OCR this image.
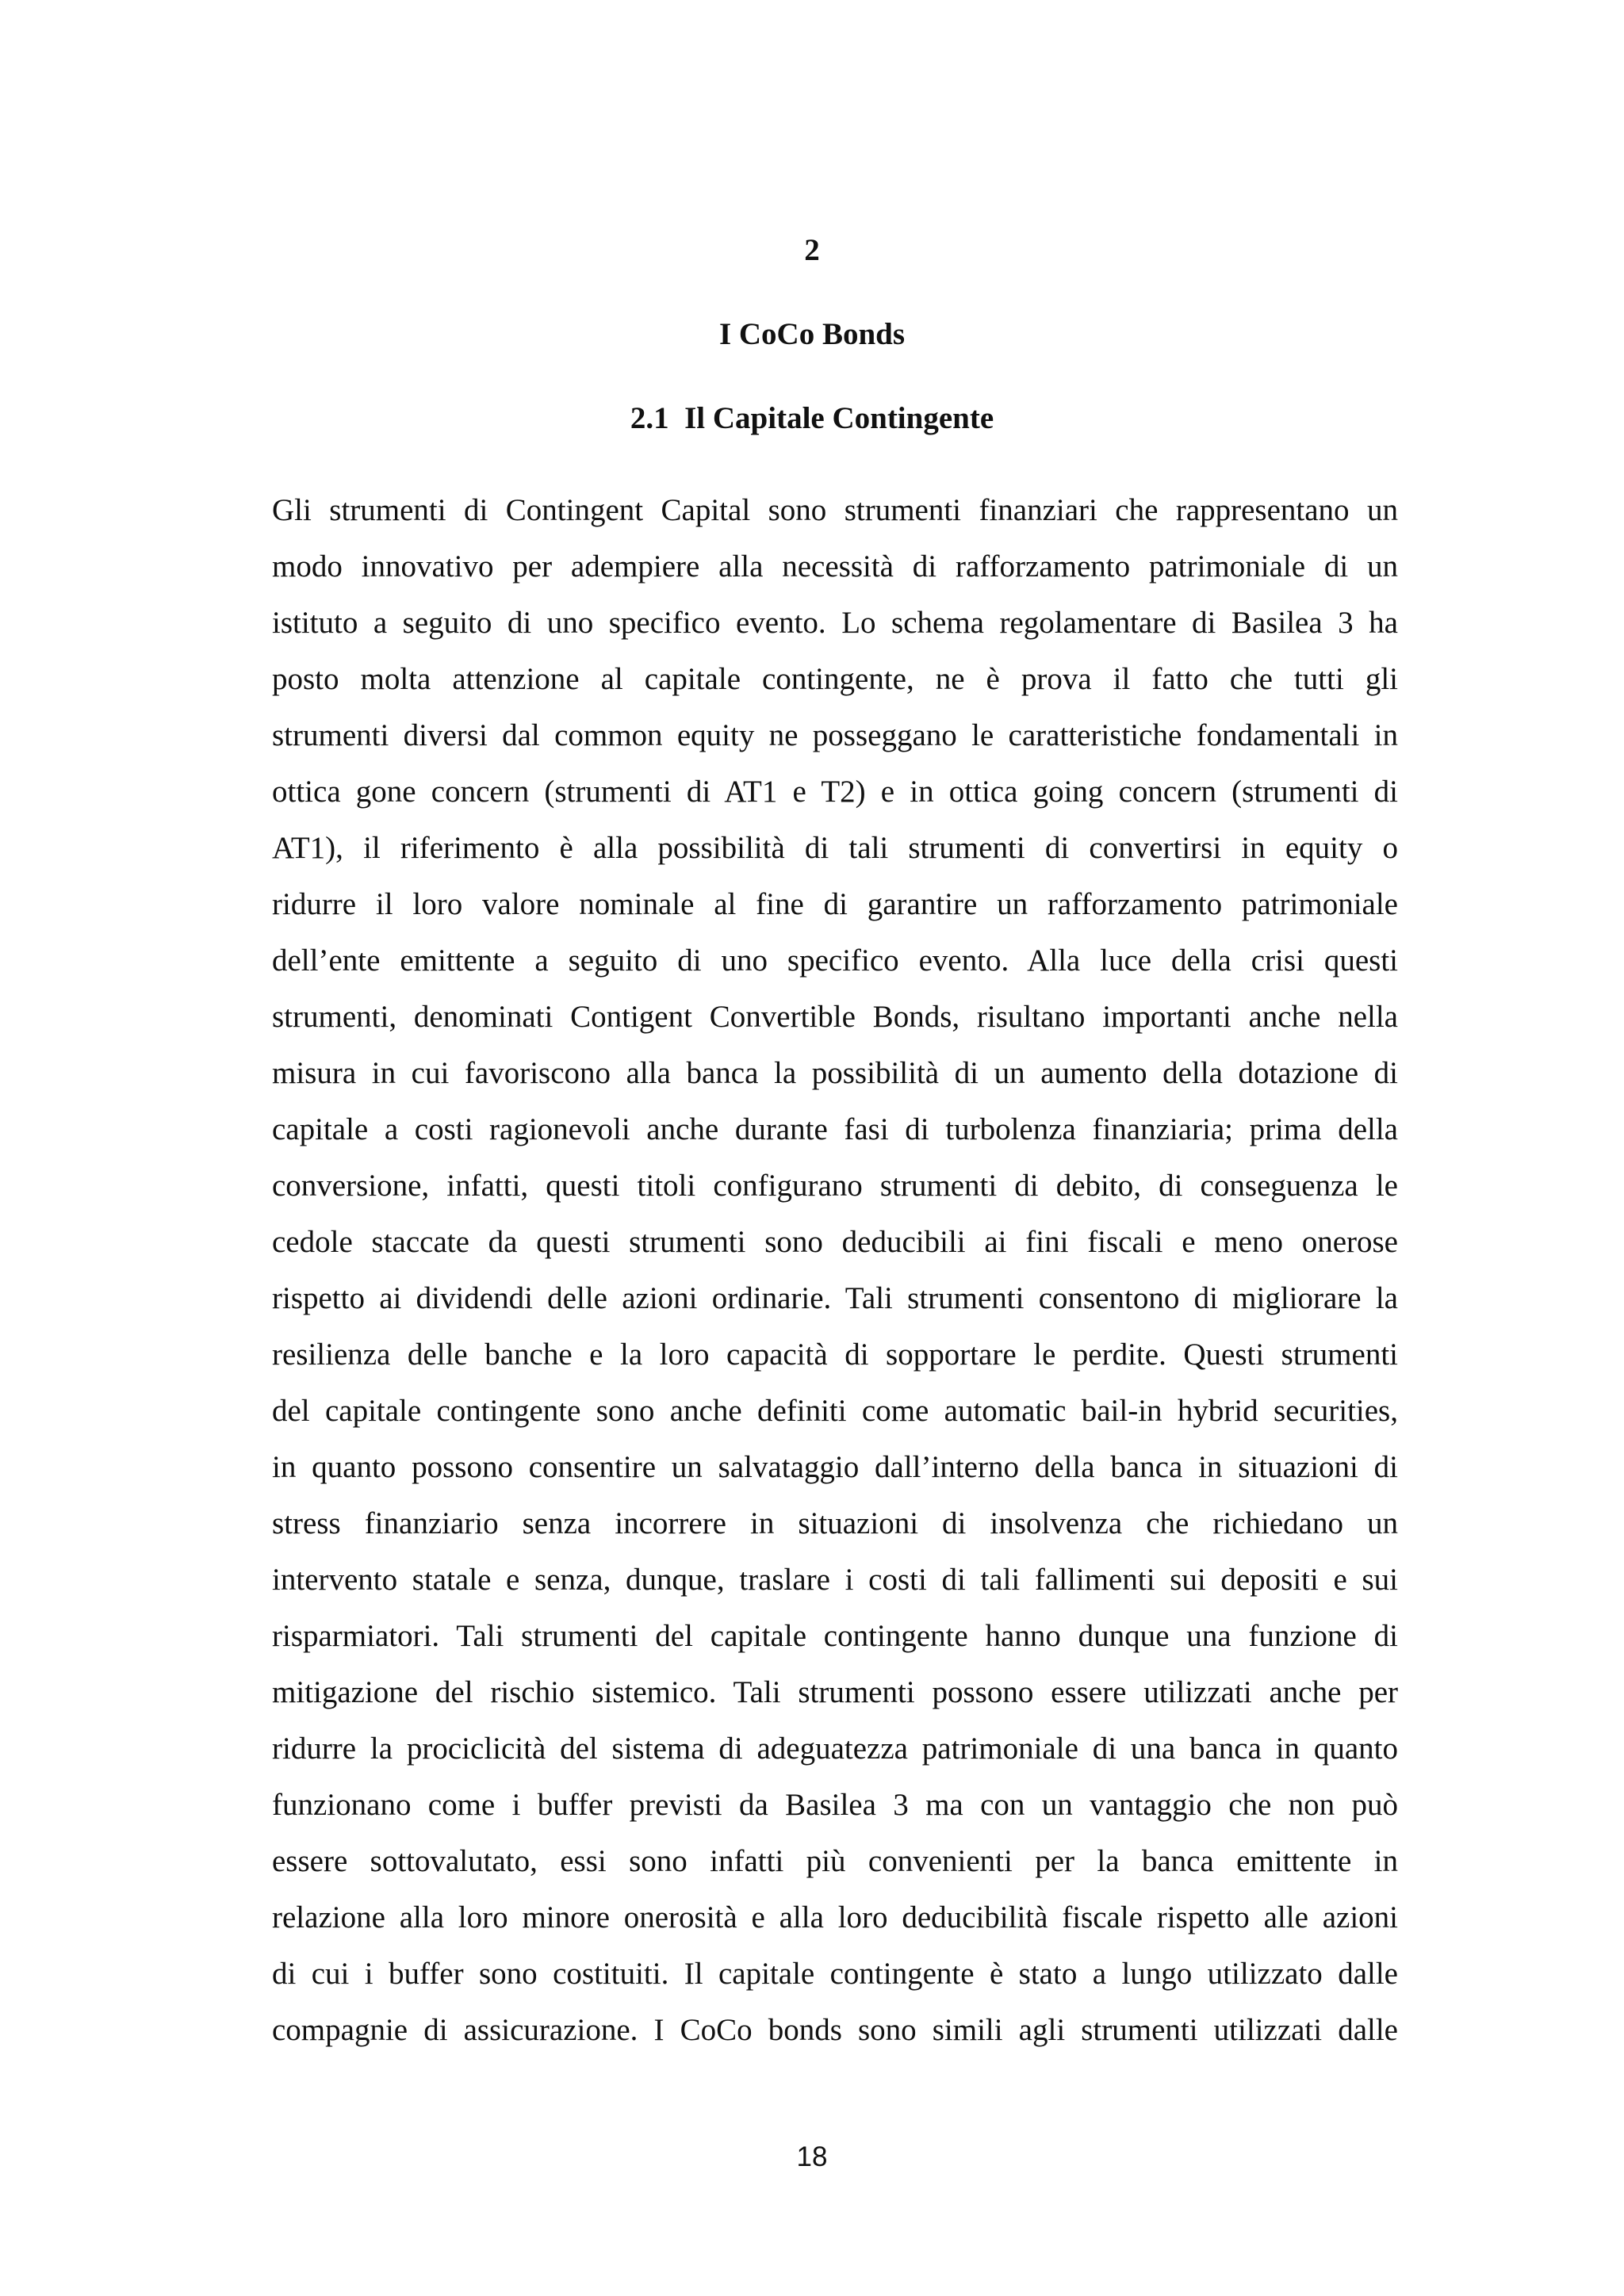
2
I CoCo Bonds
2.1  Il Capitale Contingente
Gli strumenti di Contingent Capital sono strumenti finanziari che rappresentano un
modo innovativo per adempiere alla necessità di rafforzamento patrimoniale di un
istituto a seguito di uno specifico evento. Lo schema regolamentare di Basilea 3 ha
posto molta attenzione al capitale contingente, ne è prova il fatto che tutti gli
strumenti diversi dal common equity ne posseggano le caratteristiche fondamentali in
ottica gone concern (strumenti di AT1 e T2) e in ottica going concern (strumenti di
AT1), il riferimento è alla possibilità di tali strumenti di convertirsi in equity o
ridurre il loro valore nominale al fine di garantire un rafforzamento patrimoniale
dell’ente emittente a seguito di uno specifico evento. Alla luce della crisi questi
strumenti, denominati Contigent Convertible Bonds, risultano importanti anche nella
misura in cui favoriscono alla banca la possibilità di un aumento della dotazione di
capitale a costi ragionevoli anche durante fasi di turbolenza finanziaria; prima della
conversione, infatti, questi titoli configurano strumenti di debito, di conseguenza le
cedole staccate da questi strumenti sono deducibili ai fini fiscali e meno onerose
rispetto ai dividendi delle azioni ordinarie. Tali strumenti consentono di migliorare la
resilienza delle banche e la loro capacità di sopportare le perdite. Questi strumenti
del capitale contingente sono anche definiti come automatic bail-in hybrid securities,
in quanto possono consentire un salvataggio dall’interno della banca in situazioni di
stress finanziario senza incorrere in situazioni di insolvenza che richiedano un
intervento statale e senza, dunque, traslare i costi di tali fallimenti sui depositi e sui
risparmiatori. Tali strumenti del capitale contingente hanno dunque una funzione di
mitigazione del rischio sistemico. Tali strumenti possono essere utilizzati anche per
ridurre la prociclicità del sistema di adeguatezza patrimoniale di una banca in quanto
funzionano come i buffer previsti da Basilea 3 ma con un vantaggio che non può
essere sottovalutato, essi sono infatti più convenienti per la banca emittente in
relazione alla loro minore onerosità e alla loro deducibilità fiscale rispetto alle azioni
di cui i buffer sono costituiti. Il capitale contingente è stato a lungo utilizzato dalle
compagnie di assicurazione. I CoCo bonds sono simili agli strumenti utilizzati dalle
18
